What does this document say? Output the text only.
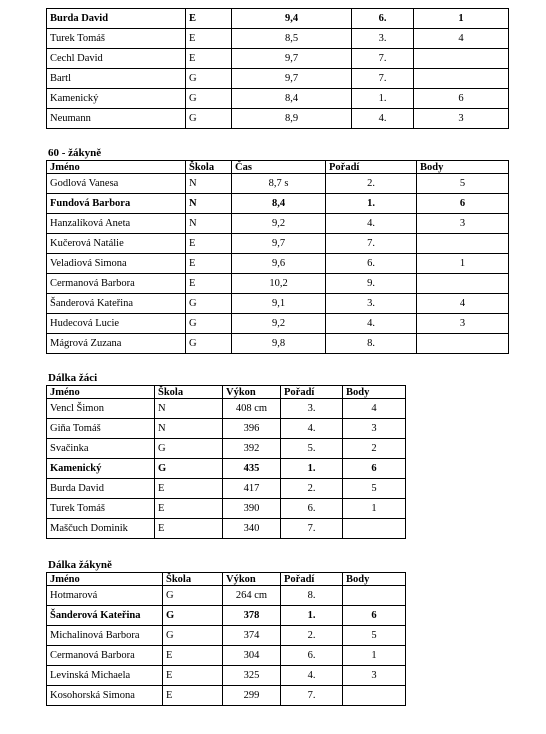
Burda David	E	9,4	6.	1
Turek Tomáš	E	8,5	3.	4
Cechl David	E	9,7	7.	
Bartl	G	9,7	7.	
Kamenický	G	8,4	1.	6
Neumann	G	8,9	4.	3
60 - žákyně
Jméno	Škola	Čas	Pořadí	Body
Godlová Vanesa	N	8,7 s	2.	5
Fundová Barbora	N	8,4	1.	6
Hanzalíková Aneta	N	9,2	4.	3
Kučerová Natálie	E	9,7	7.	
Veladiová Simona	E	9,6	6.	1
Cermanová Barbora	E	10,2	9.	
Šanderová Kateřina	G	9,1	3.	4
Hudecová Lucie	G	9,2	4.	3
Mágrová Zuzana	G	9,8	8.	
Dálka žáci
Jméno	Škola	Výkon	Pořadí	Body
Vencl Šimon	N	408 cm	3.	4
Giňa Tomáš	N	396	4.	3
Svačinka	G	392	5.	2
Kamenický	G	435	1.	6
Burda David	E	417	2.	5
Turek Tomáš	E	390	6.	1
Maščuch Dominik	E	340	7.	
Dálka žákyně
Jméno	Škola	Výkon	Pořadí	Body
Hotmarová	G	264 cm	8.	
Šanderová Kateřina	G	378	1.	6
Michalinová Barbora	G	374	2.	5
Cermanová Barbora	E	304	6.	1
Levinská Michaela	E	325	4.	3
Kosohorská Simona	E	299	7.	
